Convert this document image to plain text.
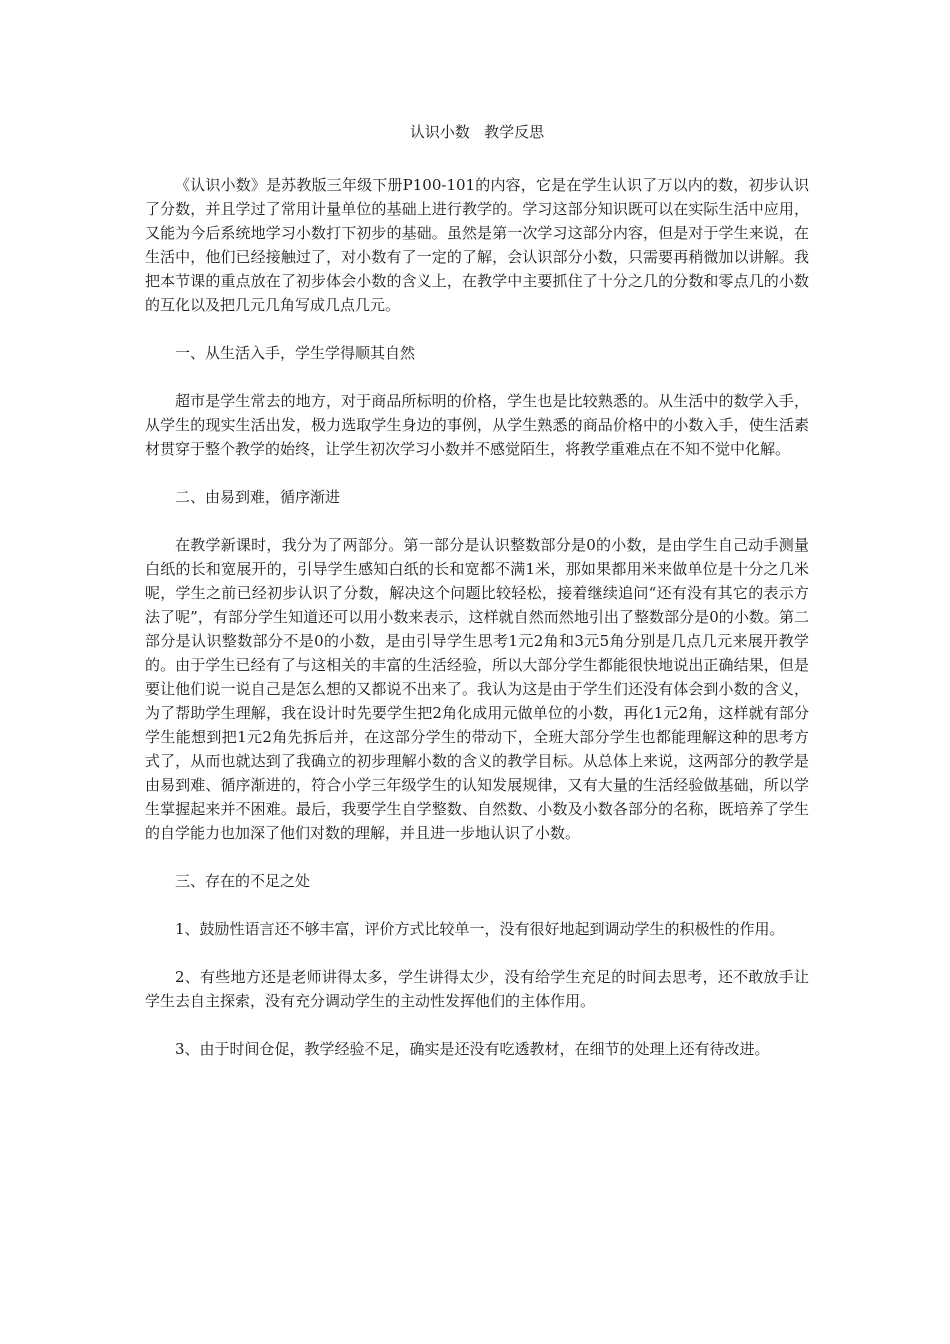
认识小数   教学反思

《认识小数》是苏教版三年级下册P100-101的内容，它是在学生认识了万以内的数，初步认识了分数，并且学过了常用计量单位的基础上进行教学的。学习这部分知识既可以在实际生活中应用，又能为今后系统地学习小数打下初步的基础。虽然是第一次学习这部分内容，但是对于学生来说，在生活中，他们已经接触过了，对小数有了一定的了解，会认识部分小数，只需要再稍微加以讲解。我把本节课的重点放在了初步体会小数的含义上，在教学中主要抓住了十分之几的分数和零点几的小数的互化以及把几元几角写成几点几元。

一、从生活入手，学生学得顺其自然

超市是学生常去的地方，对于商品所标明的价格，学生也是比较熟悉的。从生活中的数学入手，从学生的现实生活出发，极力选取学生身边的事例，从学生熟悉的商品价格中的小数入手，使生活素材贯穿于整个教学的始终，让学生初次学习小数并不感觉陌生，将教学重难点在不知不觉中化解。

二、由易到难，循序渐进

在教学新课时，我分为了两部分。第一部分是认识整数部分是0的小数，是由学生自己动手测量白纸的长和宽展开的，引导学生感知白纸的长和宽都不满1米，那如果都用米来做单位是十分之几米呢，学生之前已经初步认识了分数，解决这个问题比较轻松，接着继续追问“还有没有其它的表示方法了呢”，有部分学生知道还可以用小数来表示，这样就自然而然地引出了整数部分是0的小数。第二部分是认识整数部分不是0的小数，是由引导学生思考1元2角和3元5角分别是几点几元来展开教学的。由于学生已经有了与这相关的丰富的生活经验，所以大部分学生都能很快地说出正确结果，但是要让他们说一说自己是怎么想的又都说不出来了。我认为这是由于学生们还没有体会到小数的含义，为了帮助学生理解，我在设计时先要学生把2角化成用元做单位的小数，再化1元2角，这样就有部分学生能想到把1元2角先拆后并，在这部分学生的带动下，全班大部分学生也都能理解这种的思考方式了，从而也就达到了我确立的初步理解小数的含义的教学目标。从总体上来说，这两部分的教学是由易到难、循序渐进的，符合小学三年级学生的认知发展规律，又有大量的生活经验做基础，所以学生掌握起来并不困难。最后，我要学生自学整数、自然数、小数及小数各部分的名称，既培养了学生的自学能力也加深了他们对数的理解，并且进一步地认识了小数。

三、存在的不足之处

1、鼓励性语言还不够丰富，评价方式比较单一，没有很好地起到调动学生的积极性的作用。

2、有些地方还是老师讲得太多，学生讲得太少，没有给学生充足的时间去思考，还不敢放手让学生去自主探索，没有充分调动学生的主动性发挥他们的主体作用。

3、由于时间仓促，教学经验不足，确实是还没有吃透教材，在细节的处理上还有待改进。
